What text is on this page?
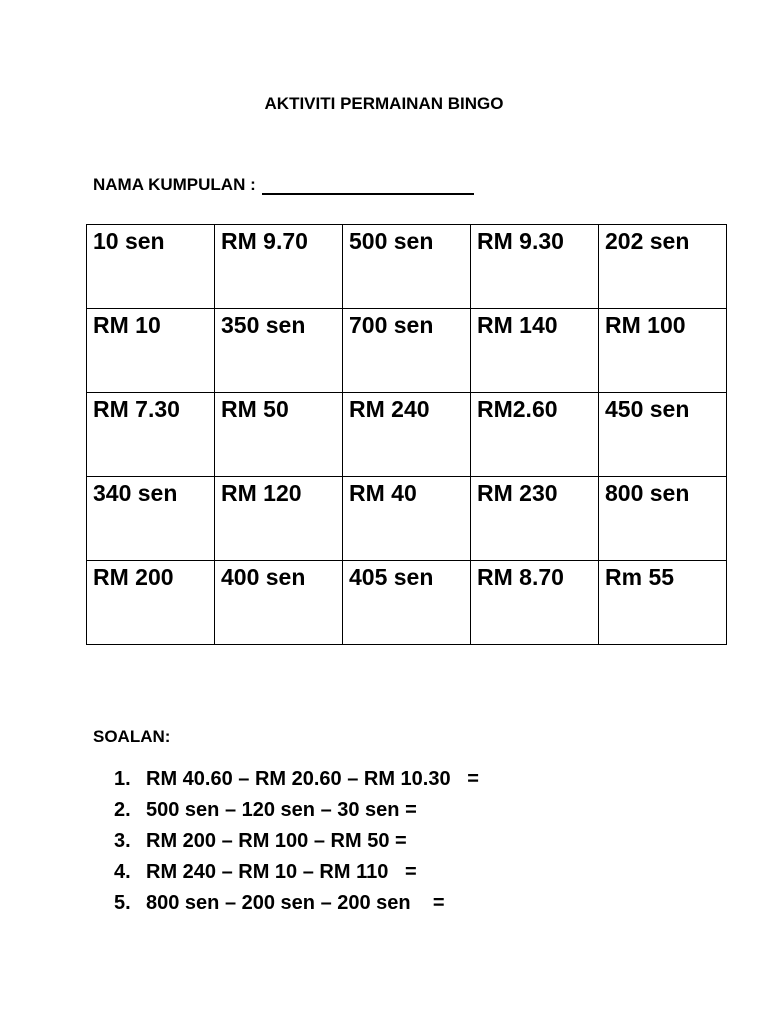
AKTIVITI PERMAINAN BINGO
NAMA KUMPULAN :
10 sen	RM 9.70	500 sen	RM 9.30	202 sen

RM 10	350 sen	700 sen	RM 140	RM 100

RM 7.30	RM 50	RM 240	RM2.60	450 sen

340 sen	RM 120	RM 40	RM 230	800 sen

RM 200	400 sen	405 sen	RM 8.70	Rm 55
SOALAN:
1. RM 40.60 – RM 20.60 – RM 10.30   =
2. 500 sen – 120 sen – 30 sen =
3. RM 200 – RM 100 – RM 50 =
4. RM 240 – RM 10 – RM 110   =
5. 800 sen – 200 sen – 200 sen    =
